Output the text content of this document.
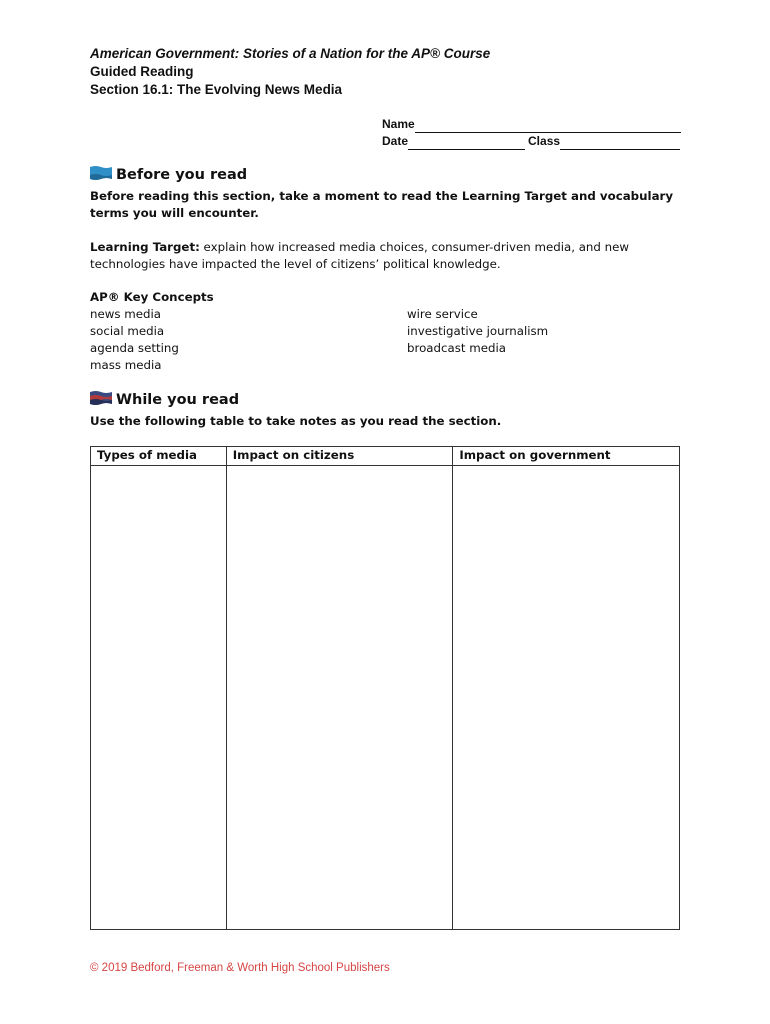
American Government: Stories of a Nation for the AP® Course
Guided Reading
Section 16.1: The Evolving News Media
Name
Date	Class
Before you read
Before reading this section, take a moment to read the Learning Target and vocabulary terms you will encounter.
Learning Target: explain how increased media choices, consumer-driven media, and new technologies have impacted the level of citizens’ political knowledge.
AP® Key Concepts
news media
social media
agenda setting
mass media
wire service
investigative journalism
broadcast media
While you read
Use the following table to take notes as you read the section.
Types of media	Impact on citizens	Impact on government

© 2019 Bedford, Freeman & Worth High School Publishers
